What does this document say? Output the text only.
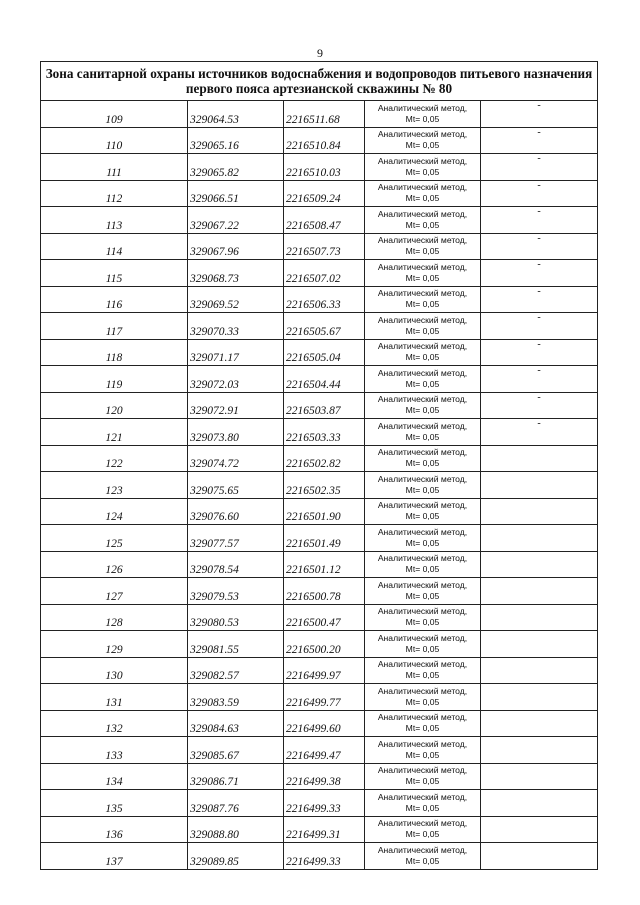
9
Зона санитарной охраны источников водоснабжения и водопроводов питьевого назначения
первого пояса артезианской скважины № 80				

109	329064.53	2216511.68	Аналитический метод,
Mt= 0,05	-
110	329065.16	2216510.84	Аналитический метод,
Mt= 0,05	-
111	329065.82	2216510.03	Аналитический метод,
Mt= 0,05	-
112	329066.51	2216509.24	Аналитический метод,
Mt= 0,05	-
113	329067.22	2216508.47	Аналитический метод,
Mt= 0,05	-
114	329067.96	2216507.73	Аналитический метод,
Mt= 0,05	-
115	329068.73	2216507.02	Аналитический метод,
Mt= 0,05	-
116	329069.52	2216506.33	Аналитический метод,
Mt= 0,05	-
117	329070.33	2216505.67	Аналитический метод,
Mt= 0,05	-
118	329071.17	2216505.04	Аналитический метод,
Mt= 0,05	-
119	329072.03	2216504.44	Аналитический метод,
Mt= 0,05	-
120	329072.91	2216503.87	Аналитический метод,
Mt= 0,05	-
121	329073.80	2216503.33	Аналитический метод,
Mt= 0,05	-
122	329074.72	2216502.82	Аналитический метод,
Mt= 0,05	

123	329075.65	2216502.35	Аналитический метод,
Mt= 0,05	

124	329076.60	2216501.90	Аналитический метод,
Mt= 0,05	

125	329077.57	2216501.49	Аналитический метод,
Mt= 0,05	

126	329078.54	2216501.12	Аналитический метод,
Mt= 0,05	

127	329079.53	2216500.78	Аналитический метод,
Mt= 0,05	

128	329080.53	2216500.47	Аналитический метод,
Mt= 0,05	

129	329081.55	2216500.20	Аналитический метод,
Mt= 0,05	

130	329082.57	2216499.97	Аналитический метод,
Mt= 0,05	

131	329083.59	2216499.77	Аналитический метод,
Mt= 0,05	

132	329084.63	2216499.60	Аналитический метод,
Mt= 0,05	

133	329085.67	2216499.47	Аналитический метод,
Mt= 0,05	

134	329086.71	2216499.38	Аналитический метод,
Mt= 0,05	

135	329087.76	2216499.33	Аналитический метод,
Mt= 0,05	

136	329088.80	2216499.31	Аналитический метод,
Mt= 0,05	

137	329089.85	2216499.33	Аналитический метод,
Mt= 0,05	
